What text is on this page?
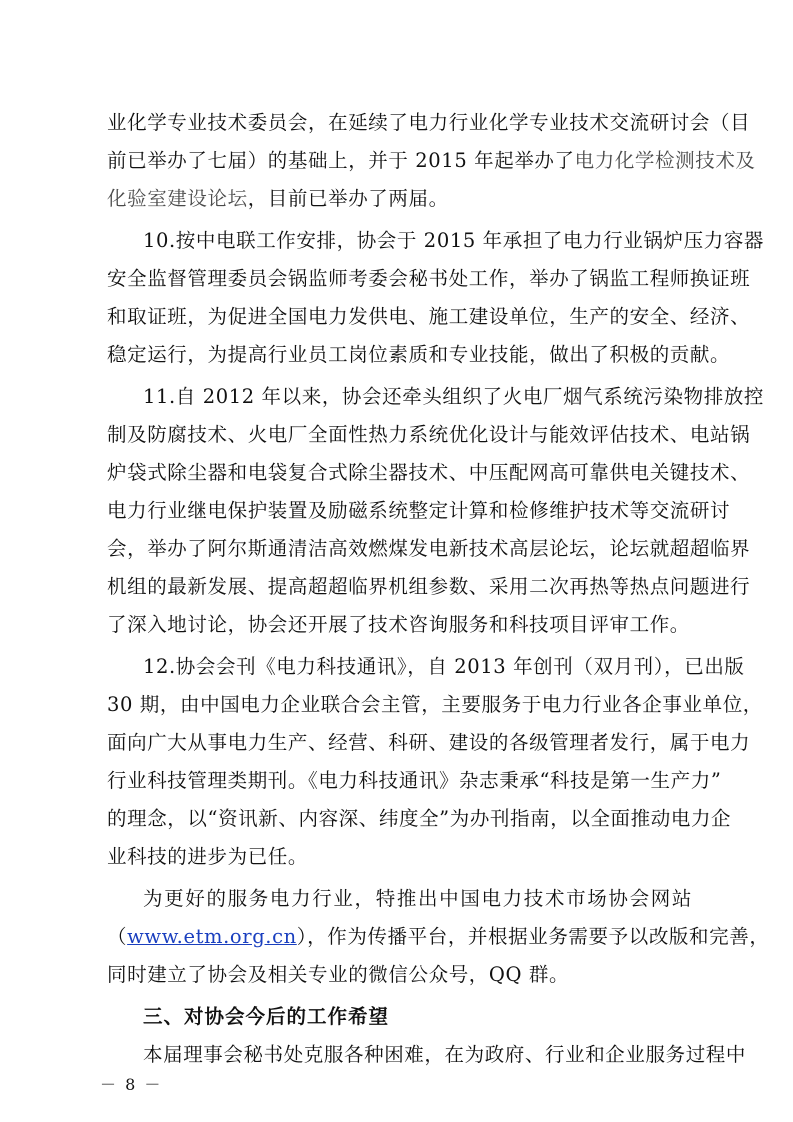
业化学专业技术委员会，在延续了电力行业化学专业技术交流研讨会（目
前已举办了七届）的基础上，并于 2015 年起举办了电力化学检测技术及
化验室建设论坛，目前已举办了两届。
10.按中电联工作安排，协会于 2015 年承担了电力行业锅炉压力容器
安全监督管理委员会锅监师考委会秘书处工作，举办了锅监工程师换证班
和取证班，为促进全国电力发供电、施工建设单位，生产的安全、经济、
稳定运行，为提高行业员工岗位素质和专业技能，做出了积极的贡献。
11.自 2012 年以来，协会还牵头组织了火电厂烟气系统污染物排放控
制及防腐技术、火电厂全面性热力系统优化设计与能效评估技术、电站锅
炉袋式除尘器和电袋复合式除尘器技术、中压配网高可靠供电关键技术、
电力行业继电保护装置及励磁系统整定计算和检修维护技术等交流研讨
会，举办了阿尔斯通清洁高效燃煤发电新技术高层论坛，论坛就超超临界
机组的最新发展、提高超超临界机组参数、采用二次再热等热点问题进行
了深入地讨论，协会还开展了技术咨询服务和科技项目评审工作。
12.协会会刊《电力科技通讯》，自 2013 年创刊（双月刊），已出版
30 期，由中国电力企业联合会主管，主要服务于电力行业各企事业单位，
面向广大从事电力生产、经营、科研、建设的各级管理者发行，属于电力
行业科技管理类期刊。《电力科技通讯》杂志秉承“科技是第一生产力”
的理念，以“资讯新、内容深、纬度全”为办刊指南，以全面推动电力企
业科技的进步为已任。
为更好的服务电力行业，特推出中国电力技术市场协会网站
（www.etm.org.cn），作为传播平台，并根据业务需要予以改版和完善，
同时建立了协会及相关专业的微信公众号，QQ 群。
三、对协会今后的工作希望
本届理事会秘书处克服各种困难，在为政府、行业和企业服务过程中
－ 8 －
